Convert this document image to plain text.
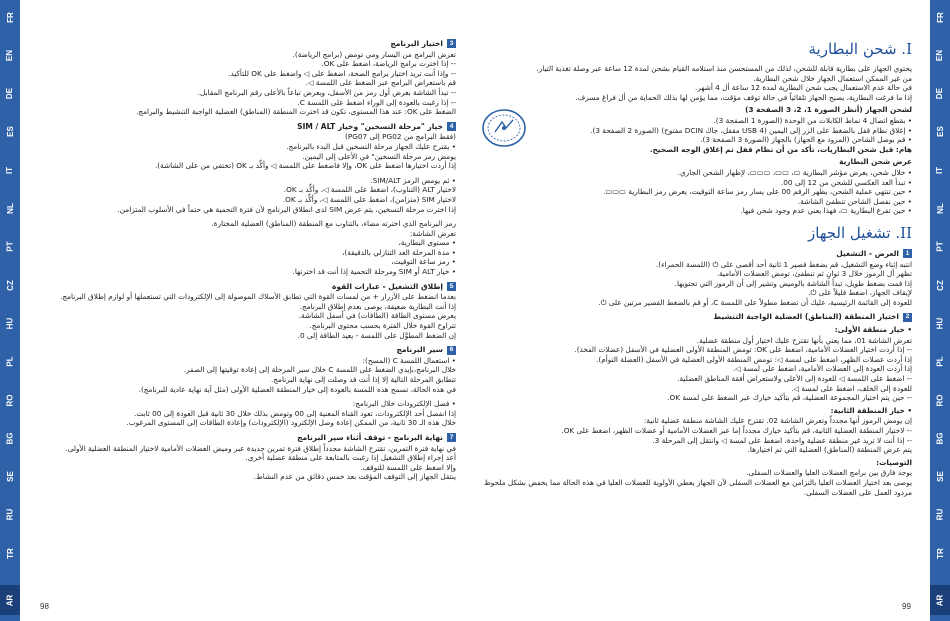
FR
EN
DE
ES
IT
NL
PT
CZ
HU
PL
RO
BG
SE
RU
TR
AR
FR
EN
DE
ES
IT
NL
PT
CZ
HU
PL
RO
BG
SE
RU
TR
AR
3
اختيار البرنامج
تعرض البرامج من اليسار ومي تومض (برامج الرياضة).
-- إذا اخترت برامج الرياضة، اضغط على OK.
-- وإذا أنت تريد اختيار برامج الصحة، اضغط على ◁ واضغط على OK للتأكيد.
قم باستعراض البرامج عبر الضغط على اللمسة ◁.
-- تبدأ الشاشة بعرض أول رمز من الأسفل، ويعرض تباعاً بالأعلى رقم البرنامج المقابل.
-- إذا رغبت بالعودة إلى الوراء اضغط على اللمسة C.
الضغط على OK: عند هذا المستوى، تكون قد اخترت المنطقة (المناطق) العضلية الواجبة التنشيط والبرامج.
4
خيار "مرحلة التسخين" وخيار SIM / ALT
(فقط البرامج من PG02 إلى PG07)
• يقترح عليك الجهاز مرحلة التسخين قبل البدء بالبرنامج.
يومض رمز مرحلة التسخين" في الأعلى إلى اليمين.
إذا أردت اختيارها اضغط على OK، وإلا فاضغط على اللمسة ◁ وأكِّد بـ OK (تختفي من على الشاشة).
• ثم يومض الرمز SIM/ALT.
لاختيار ALT (التناوب)، اضغط على اللمسة ◁، وأكِّد بـ OK.
لاختيار SIM (متزامن)، اضغط على اللمسة ◁، وأكِّد بـ OK.
إذا اخترت مرحلة التسخين، يتم عرض SIM لدى انطلاق البرنامج لأن فترة التحمية هي حتماً في الأسلوب المتزامن.
رمز البرنامج الذي اخترته مضاء، بالتناوب مع المنطقة (المناطق) العضلية المختارة.
تعرض الشاشة:
• مستوى البطارية،
• مدة المرحلة العد التنازلي بالدقيقة)،
• رمز ساعة التوقيت،
• خيار ALT أو SIM ومرحلة التحمية إذا أنت قد اخترتها.
5
إطلاق التشغيل - عبارات القوة
بعدما انضغط على الأزرار + من لمسات القوة التي تطابق الأسلاك الموصولة إلى الإلكترودات التي تستعملها أو لوازم إطلاق البرنامج.
إذا أنت البطارية ضعيفة، يوصى بعدم إطلاق البرنامج.
يعرض مستوى الطاقة (الطاقات) في أسفل الشاشة.
تتراوح القوة خلال الفترة بحسب محتوى البرنامج.
إن الضغط المطوَّل على اللمسة - يعيد الطاقة إلى 0.
6
سير البرنامج
• استعمال اللمسة C (المسح):
خلال البرنامج،بإيدي الضغط على اللمسة C خلال سير المرحلة إلى إعادة توقيتها إلى الصفر.
تتطابق المرحلة التالية إلا إذا أنت قد وصلت إلى نهاية البرنامج.
في هذه الحالة، تسمح هذه اللمسة بالعودة إلى خيار المنطقة العضلية الأولى (مثل آية نهاية عادية للبرنامج).
• فصل الإلكترودات خلال البرنامج:
إذا انفصل أحد الإلكترودات، تعود القناة المعنية إلى 00 وتومض بذلك خلال 30 ثانية قبل العودة إلى 00 ثابت.
خلال هذه الـ 30 ثانية، من الممكن إعادة وصل الإلكترود (الإلكترودات) وإعادة الطاقات إلى المستوى المرغوب.
7
نهاية البرنامج - توقف أثناء سير البرنامج
في نهاية فترة التمرين، تقترح الشاشة مجدداً إطلاق فترة تمرين جديدة عبر وميض العضلات الأمامية لاختيار المنطقة العضلية الأولى.
أعد إجراء إطلاق التشغيل إذا رغبت بالمتابعة على منطقة عضلية أخرى.
وإلا اضغط على اللمسة للتوقف.
ينتقل الجهاز إلى التوقف المؤقت بعد خمس دقائق من عدم النشاط.
I. شحن البطارية
يحتوي الجهاز على بطارية قابلة للشحن، لذلك من المستحسن منذ استلامه القيام بشحن لمدة 12 ساعة عبر وصلة تغذية التيار.
من غير الممكن استعمال الجهاز خلال شحن البطارية.
في حالة عدم الاستعمال يجب شحن البطارية لمدة 12 ساعة أل 4 أشهر.
إذا ما فرغت البطارية، يصبح الجهاز تلقائياً في حالة توقف مؤقت، مما يؤمن لها بذلك الحماية من أل فراغ مسرف.
لشحن الجهاز (أنظر الصورة 1، 2، 3 الصفحة 3)
• بقطع اتصال 4 نماط الكابلات من الوحدة (الصورة 1 الصفحة 3).
• إغلاق نظام قفل بالضغط على الزر إلى اليمين (4 USB مقفل، جاك DCIN مفتوح) (الصورة 2 الصفحة 3).
• قم بوصل الشاحن (المزود مع الجهاز) بالجهاز (الصورة 3 الصفحة 3).
هام: قبل شحن البطاريات، تأكد من أن نظام قفل تم إغلاق الوجه الصحيح.
عرض شحن البطارية
• خلال شحن، يعرض مؤشر البطارية ▭، ▭▭، ▭▭▭، لإظهار الشحن الجاري.
• تبدأ العد العكسي للشحن من 12 إلى 00.
• حين تنتهي عملية الشحن، يظهر الرقم 00 على يسار رمز ساعة التوقيت، يعرض رمز البطارية ▭▭▭.
• حين نفصل الشاحن تنطفئ الشاشة.
• حين تفرغ البطارية ▭، فهذا يعني عدم وجود شحن فيها.
II. تشغيل الجهاز
1
العرض - التشغيل
انتبه إثناء وضع التشغيل، قم بضغط قصير 1 ثانية أحد أقصى على ⏻ (اللمسة الحمراء).
تظهر أل الرموز خلال 3 ثوانٍ ثم تنطفئ، تومض العضلات الأمامية.
إذا قمت بضغط طويل، تبدأ الشاشة بالوميض وتشير إلى أن الرموز التي تحتويها.
لإيقاف الجهاز، اضغط قليلاً على ⏻.
للعودة إلى القائمة الرئيسية، عليك أن تضغط مطولاً على اللمسة C، أو قم بالضغط القصير مرتين على ⏻.
2
اختيار المنطقة (المناطق) العضلية الواجبة التنشيط
• خيار منطقة الأولى:
تعرض الشاشة 01، مما يعني بأنها تقترح عليك اختيار أول منطقة عضلية.
-- إذا أردت اختيار العضلات الأمامية، اضغط على OK: تومض المنطقة الأولى العضلية في الأسفل (عضلات الفخذ).
إذا أردت عضلات الظهر، اضغط على لمسة ◁: تومض المنطقة الأولى العضلية في الأسفل (العضلة التوأم).
إذا أردت العودة إلى العضلات الأمامية، اضغط على لمسة ◁.
-- اضغط على اللمسة ◁ للعودة إلى الأعلى ولاستعراض أفقة المناطق العضلية.
للعودة إلى الخلف، اضغط على لمسة ◁.
-- حين يتم اختيار المجموعة العضلية، قم بتأكيد خيارك عبر الضغط على لمسة OK.
• خيار المنطقة الثانية:
إن يومض الرموز أنها مجدداً وتعرض الشاشة 02. تقترح عليك الشاشة منطقة عضلية ثانية:
-- لاختيار المنطقة العضلية الثانية، قم بتأكيد خيارك مجدداً إما عبر العضلات الأمامية أو عضلات الظهر، اضغط على OK.
-- إذا أنت لا تريد غير منطقة عضلية واحدة، اضغط على لمسة ◁ وانتقل إلى المرحلة 3.
يتم عرض المنطقة (المناطق) العضلية التي تم اختيارها.
التوصيات:
يوجد فارق بين برامج العضلات العليا والعضلات السفلى.
يوصى بعد اختيار العضلات العليا بالتزامن مع العضلات السفلى لأن الجهاز يعطي الأولوية للعضلات العليا في هذه الحالة مما يخفض بشكل ملحوظ مردود العمل على العضلات السفلى.
98	99
